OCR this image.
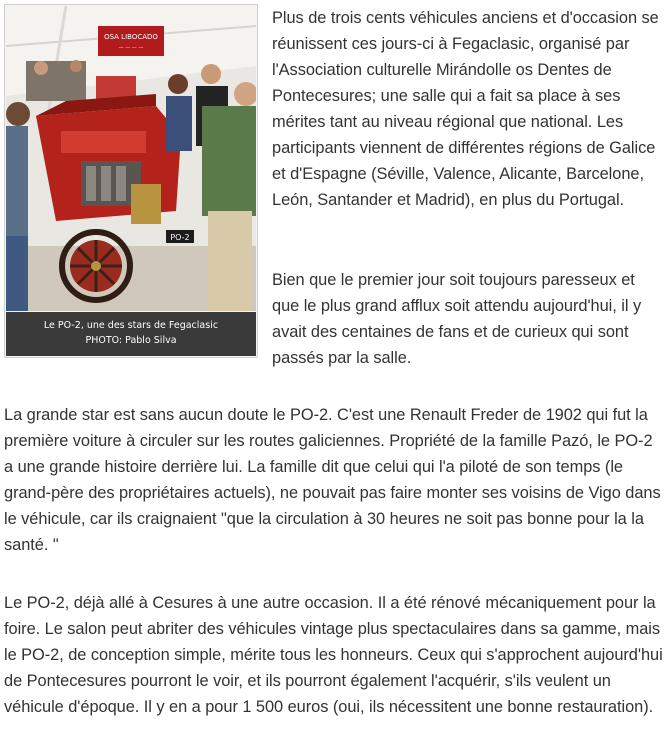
OSA LIBOCADO
— — — —
PO-2
Le PO-2, une des stars de Fegaclasic
PHOTO: Pablo Silva

Plus de trois cents véhicules anciens et d'occasion se réunissent ces jours-ci à Fegaclasic, organisé par l'Association culturelle Mirándolle os Dentes de Pontecesures; une salle qui a fait sa place à ses mérites tant au niveau régional que national. Les participants viennent de différentes régions de Galice et d'Espagne (Séville, Valence, Alicante, Barcelone, León, Santander et Madrid), en plus du Portugal.

Bien que le premier jour soit toujours paresseux et que le plus grand afflux soit attendu aujourd'hui, il y avait des centaines de fans et de curieux qui sont passés par la salle.

La grande star est sans aucun doute le PO-2. C'est une Renault Freder de 1902 qui fut la première voiture à circuler sur les routes galiciennes. Propriété de la famille Pazó, le PO-2 a une grande histoire derrière lui. La famille dit que celui qui l'a piloté de son temps (le grand-père des propriétaires actuels), ne pouvait pas faire monter ses voisins de Vigo dans le véhicule, car ils craignaient "que la circulation à 30 heures ne soit pas bonne pour la la santé. "

Le PO-2, déjà allé à Cesures à une autre occasion. Il a été rénové mécaniquement pour la foire. Le salon peut abriter des véhicules vintage plus spectaculaires dans sa gamme, mais le PO-2, de conception simple, mérite tous les honneurs. Ceux qui s'approchent aujourd'hui de Pontecesures pourront le voir, et ils pourront également l'acquérir, s'ils veulent un véhicule d'époque. Il y en a pour 1 500 euros (oui, ils nécessitent une bonne restauration).
